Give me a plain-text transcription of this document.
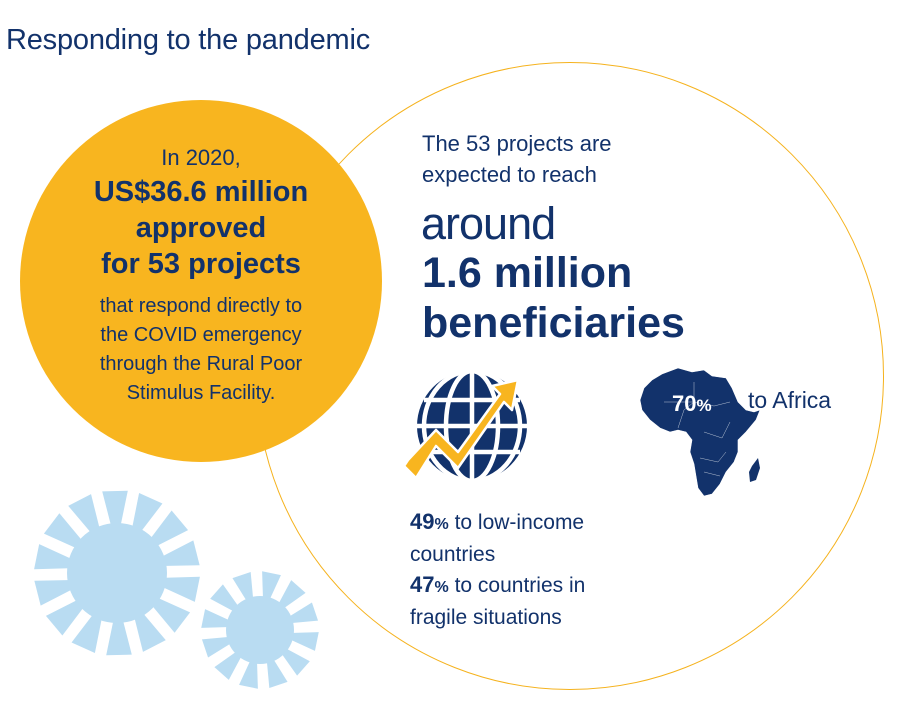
Responding to the pandemic
In 2020,
US$36.6 million
approved
for 53 projects
that respond directly to
the COVID emergency
through the Rural Poor
Stimulus Facility.
The 53 projects are
expected to reach
around
1.6 million
beneficiaries
70% to Africa
49% to low-income
countries
47% to countries in
fragile situations
